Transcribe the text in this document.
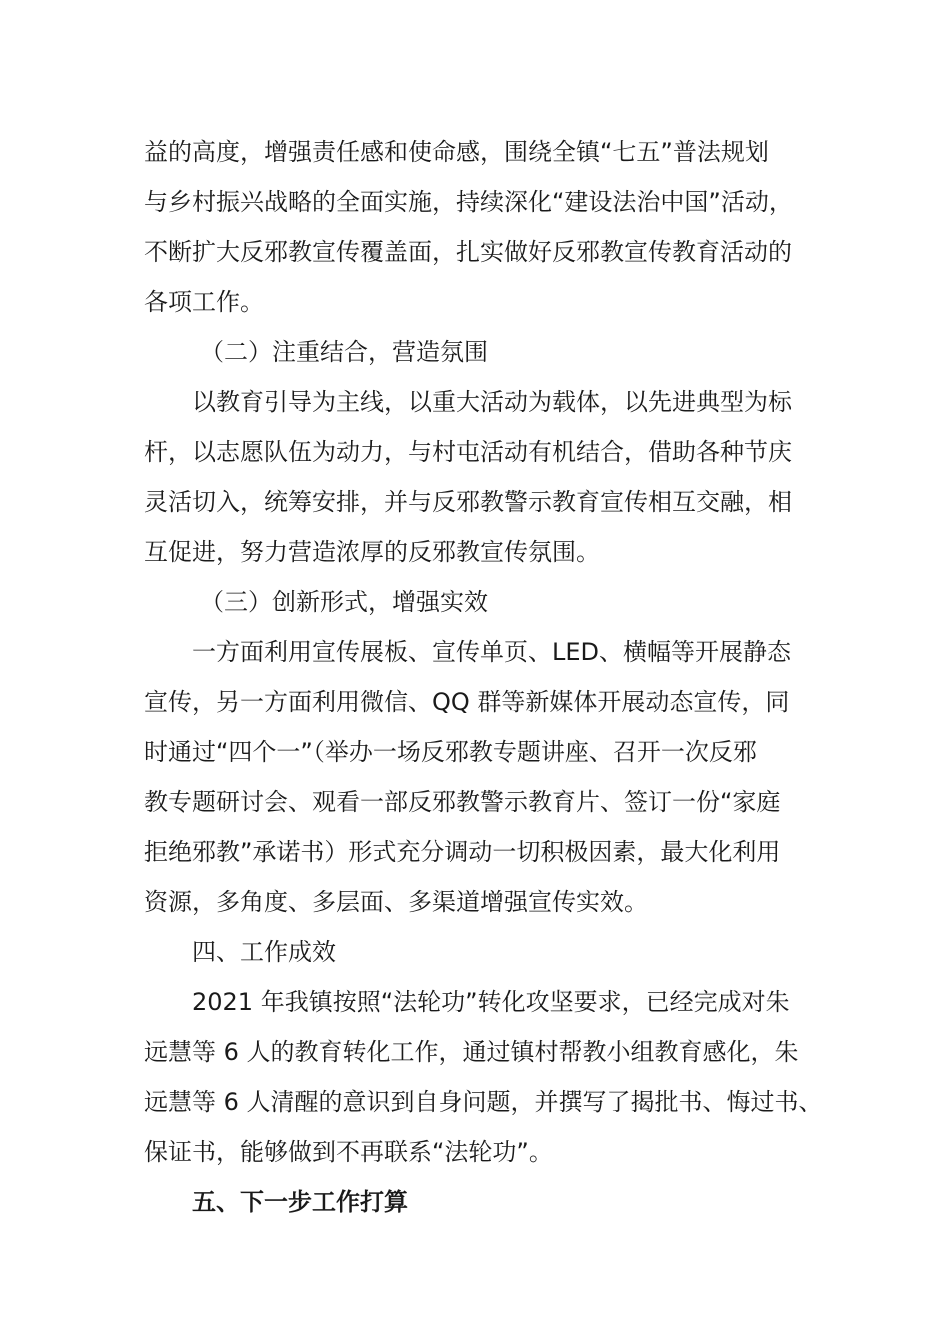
益的高度，增强责任感和使命感，围绕全镇“七五”普法规划
与乡村振兴战略的全面实施，持续深化“建设法治中国”活动，
不断扩大反邪教宣传覆盖面，扎实做好反邪教宣传教育活动的
各项工作。
（二）注重结合，营造氛围
以教育引导为主线，以重大活动为载体，以先进典型为标
杆，以志愿队伍为动力，与村屯活动有机结合，借助各种节庆
灵活切入，统筹安排，并与反邪教警示教育宣传相互交融，相
互促进，努力营造浓厚的反邪教宣传氛围。
（三）创新形式，增强实效
一方面利用宣传展板、宣传单页、LED、横幅等开展静态
宣传，另一方面利用微信、QQ 群等新媒体开展动态宣传，同
时通过“四个一”（举办一场反邪教专题讲座、召开一次反邪
教专题研讨会、观看一部反邪教警示教育片、签订一份“家庭
拒绝邪教”承诺书）形式充分调动一切积极因素，最大化利用
资源，多角度、多层面、多渠道增强宣传实效。
四、工作成效
2021 年我镇按照“法轮功”转化攻坚要求，已经完成对朱
远慧等 6 人的教育转化工作，通过镇村帮教小组教育感化，朱
远慧等 6 人清醒的意识到自身问题，并撰写了揭批书、悔过书、
保证书，能够做到不再联系“法轮功”。
五、下一步工作打算
